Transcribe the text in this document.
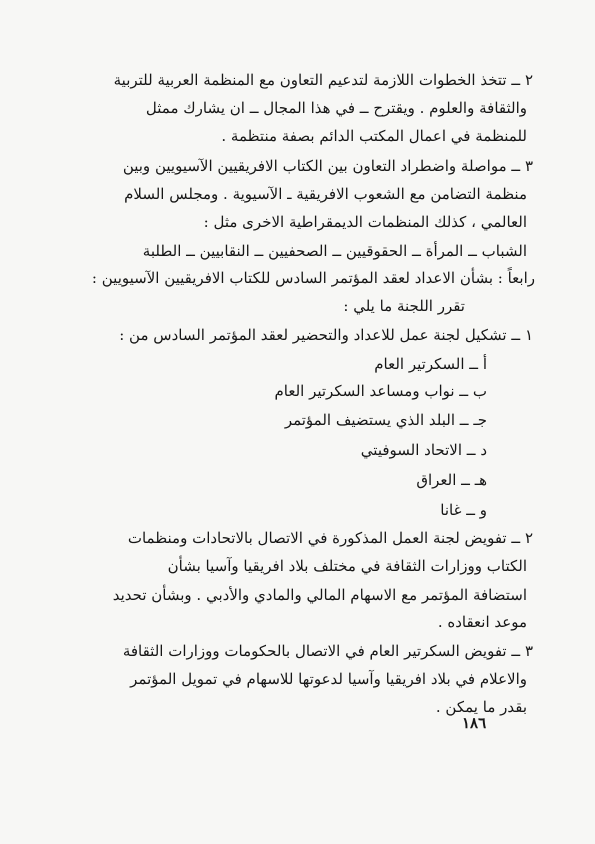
٢ ــ تتخذ الخطوات اللازمة لتدعيم التعاون مع المنظمة العربية للتربية
والثقافة والعلوم . ويقترح ــ في هذا المجال ــ ان يشارك ممثل
للمنظمة في اعمال المكتب الدائم بصفة منتظمة .
٣ ــ مواصلة واضطراد التعاون بين الكتاب الافريقيين الآسيويين وبين
منظمة التضامن مع الشعوب الافريقية ـ الآسيوية . ومجلس السلام
العالمي ، كذلك المنظمات الديمقراطية الاخرى مثل :
الشباب ــ المرأة ــ الحقوقيين ــ الصحفيين ــ النقابيين ــ الطلبة
رابعاً : بشأن الاعداد لعقد المؤتمر السادس للكتاب الافريقيين الآسيويين :
تقرر اللجنة ما يلي :
١ ــ تشكيل لجنة عمل للاعداد والتحضير لعقد المؤتمر السادس من :
أ ــ السكرتير العام
ب ــ نواب ومساعد السكرتير العام
جـ ــ البلد الذي يستضيف المؤتمر
د ــ الاتحاد السوفيتي
هـ ــ العراق
و ــ غانا
٢ ــ تفويض لجنة العمل المذكورة في الاتصال بالاتحادات ومنظمات
الكتاب ووزارات الثقافة في مختلف بلاد افريقيا وآسيا بشأن
استضافة المؤتمر مع الاسهام المالي والمادي والأدبي . وبشأن تحديد
موعد انعقاده .
٣ ــ تفويض السكرتير العام في الاتصال بالحكومات ووزارات الثقافة
والاعلام في بلاد افريقيا وآسيا لدعوتها للاسهام في تمويل المؤتمر
بقدر ما يمكن .
١٨٦
